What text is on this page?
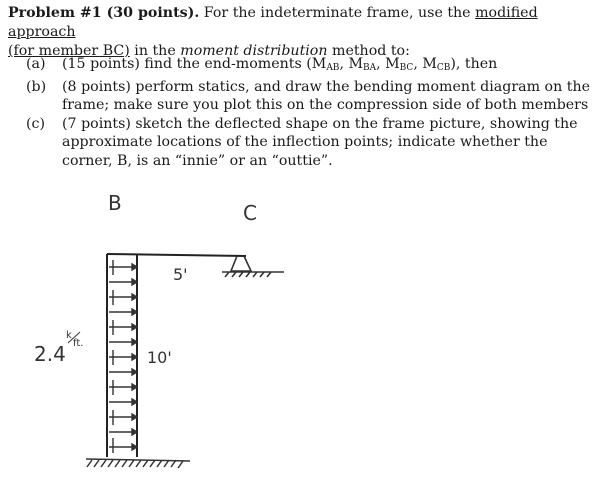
Problem #1 (30 points). For the indeterminate frame, use the modified approach
(for member BC) in the moment distribution method to:
(a) (15 points) find the end-moments ($M_{AB}$, $M_{BA}$, $M_{BC}$, $M_{CB}$), then
(b) (8 points) perform statics, and draw the bending moment diagram on the frame; make sure you plot this on the compression side of both members
(c) (7 points) sketch the deflected shape on the frame picture, showing the approximate locations of the inflection points; indicate whether the corner, B, is an “innie” or an “outtie”.
B	C
5'
10'
2.4
k
ft.
